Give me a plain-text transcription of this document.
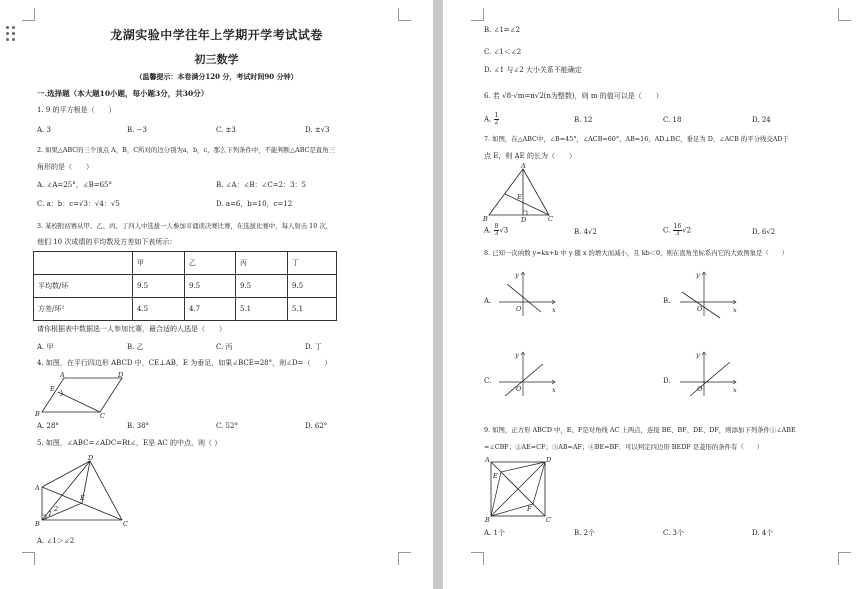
龙湖实验中学往年上学期开学考试试卷
初三数学
（温馨提示：本卷满分120 分，考试时间90 分钟）
一.选择题（本大题10小题，每小题3分，共30分）
1. 9 的平方根是（　　）
A. 3	B. −3	C. ±3	D. ±√3
2. 如果△ABC的三个顶点 A，B，C所对的边分别为a，b，c，那么下列条件中，不能判断△ABC是直角三
角形的是（　　）
A. ∠A=25°，∠B=65°	B. ∠A：∠B：∠C=2：3：5
C. a：b：c=√3：√4：√5	D. a=6，b=10，c=12
3. 某校附初赛从甲、乙、丙、丁四人中选拔一人参加市诵读决赛比赛，在选拔比赛中，每人射击 10 次，
他们 10 次成绩的平均数及方差如下表所示：
	甲	乙	丙	丁
平均数/环	9.5	9.5	9.5	9.5
方差/环²	4.5	4.7	5.1	5.1
请你根据表中数据选一人参加比赛，最合适的人选是（　　）
A. 甲	B. 乙	C. 丙	D. 丁
4. 如图，在平行四边形 ABCD 中，CE⊥AB，E 为垂足，如果∠BCE=28°，则∠D=（　　）
A	D
B	C
E
A. 28°	B. 38°	C. 52°	D. 62°
5. 如图，∠ABC=∠ADC=Rt∠，E是 AC 的中点，则（ ）
A
B	C
D
E
1
2
A. ∠1＞∠2
B. ∠1=∠2
C. ∠1＜∠2
D. ∠1 与∠2 大小关系不能确定
6. 若 √8·√m=n√2(n为整数)，则 m 的值可以是（　　）
A. $\frac{1}{2}$	B. 12	C. 18	D. 24
7. 如图，在△ABC中，∠B=45°，∠ACB=60°，AB=16，AD⊥BC，垂足为 D，∠ACB 的平分线交AD于
点 E，则 AE 的长为（　　）
A
B	C
D
E
A. $\frac{8}{3} √3$	B. 4√2	C. $\frac{16}{3} √2$	D. 6√2
8. 已知一次函数 y=kx+b 中 y 随 x 的增大而减小，且 kb＜0，则在直角坐标系内它的大致图象是（　　）
A.
x
y
O
B.
x
y
O
C.
x
y
O
D.
x
y
O
9. 如图，正方形 ABCD 中，E、F是对角线 AC 上两点，连接 BE、BF、DE、DF，则添加下列条件①∠ABE
=∠CBF；②AE=CF；③AB=AF；④BE=BF．可以判定四边形 BEDF 是菱形的条件有（　　）
A
B	C
D
E
F
A. 1个	B. 2个	C. 3个	D. 4个
